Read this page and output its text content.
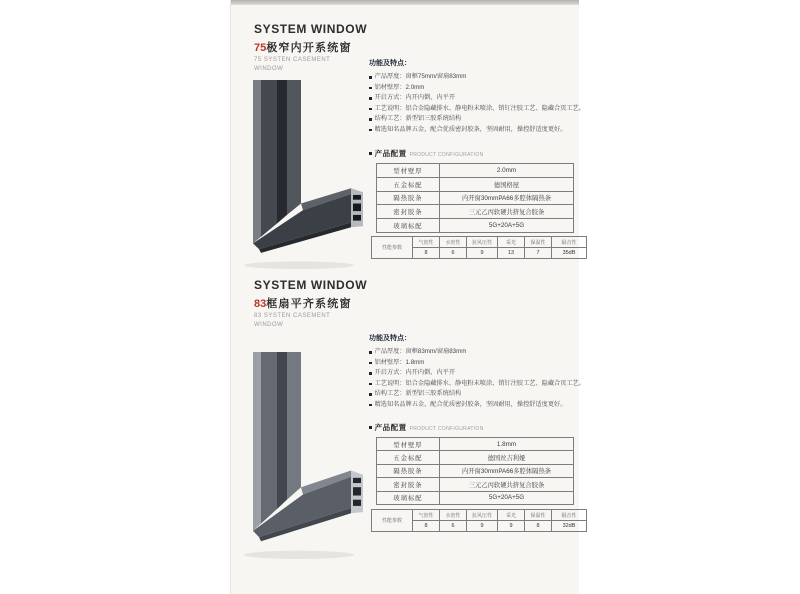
SYSTEM WINDOW
75极窄内开系统窗
75 SYSTEN CASEMENT
WINDOW
功能及特点：
产品厚度：窗框75mm/窗扇83mm
铝材壁厚：2.0mm
开启方式：内开内倒、内平开
工艺说明：铝合金隐藏排水、静电粉末喷涂、销钉注胶工艺、隐藏合页工艺。
结构工艺：新型铝三胶系统结构
精选知名品牌五金，配合优质密封胶条，坚固耐用，操控舒适度更好。
产品配置 PRODUCT CONFIGURATION
型材壁厚	2.0mm
五金标配	德国格屋
隔热胶条	内开窗30mmPA66多腔体隔热条
密封胶条	三元乙丙软硬共挤复合胶条
玻璃标配	5G+20A+5G
性能参数	气密性	水密性	抗风压性	采光	保温性	隔音性
	8	6	9	13	7	35dB
SYSTEM WINDOW
83框扇平齐系统窗
83 SYSTEN CASEMENT
WINDOW
功能及特点：
产品厚度：窗框83mm/窗扇83mm
铝材壁厚：1.8mm
开启方式：内开内倒、内平开
工艺说明：铝合金隐藏排水、静电粉末喷涂、销钉注胶工艺、隐藏合页工艺。
结构工艺：新型铝三胶系统结构
精选知名品牌五金，配合优质密封胶条，坚固耐用，操控舒适度更好。
产品配置 PRODUCT CONFIGURATION
型材壁厚	1.8mm
五金标配	德国丝吉利娅
隔热胶条	内开窗30mmPA66多腔体隔热条
密封胶条	三元乙丙软硬共挤复合胶条
玻璃标配	5G+20A+5G
性能参数	气密性	水密性	抗风压性	采光	保温性	隔音性
	8	6	9	9	8	32dB
